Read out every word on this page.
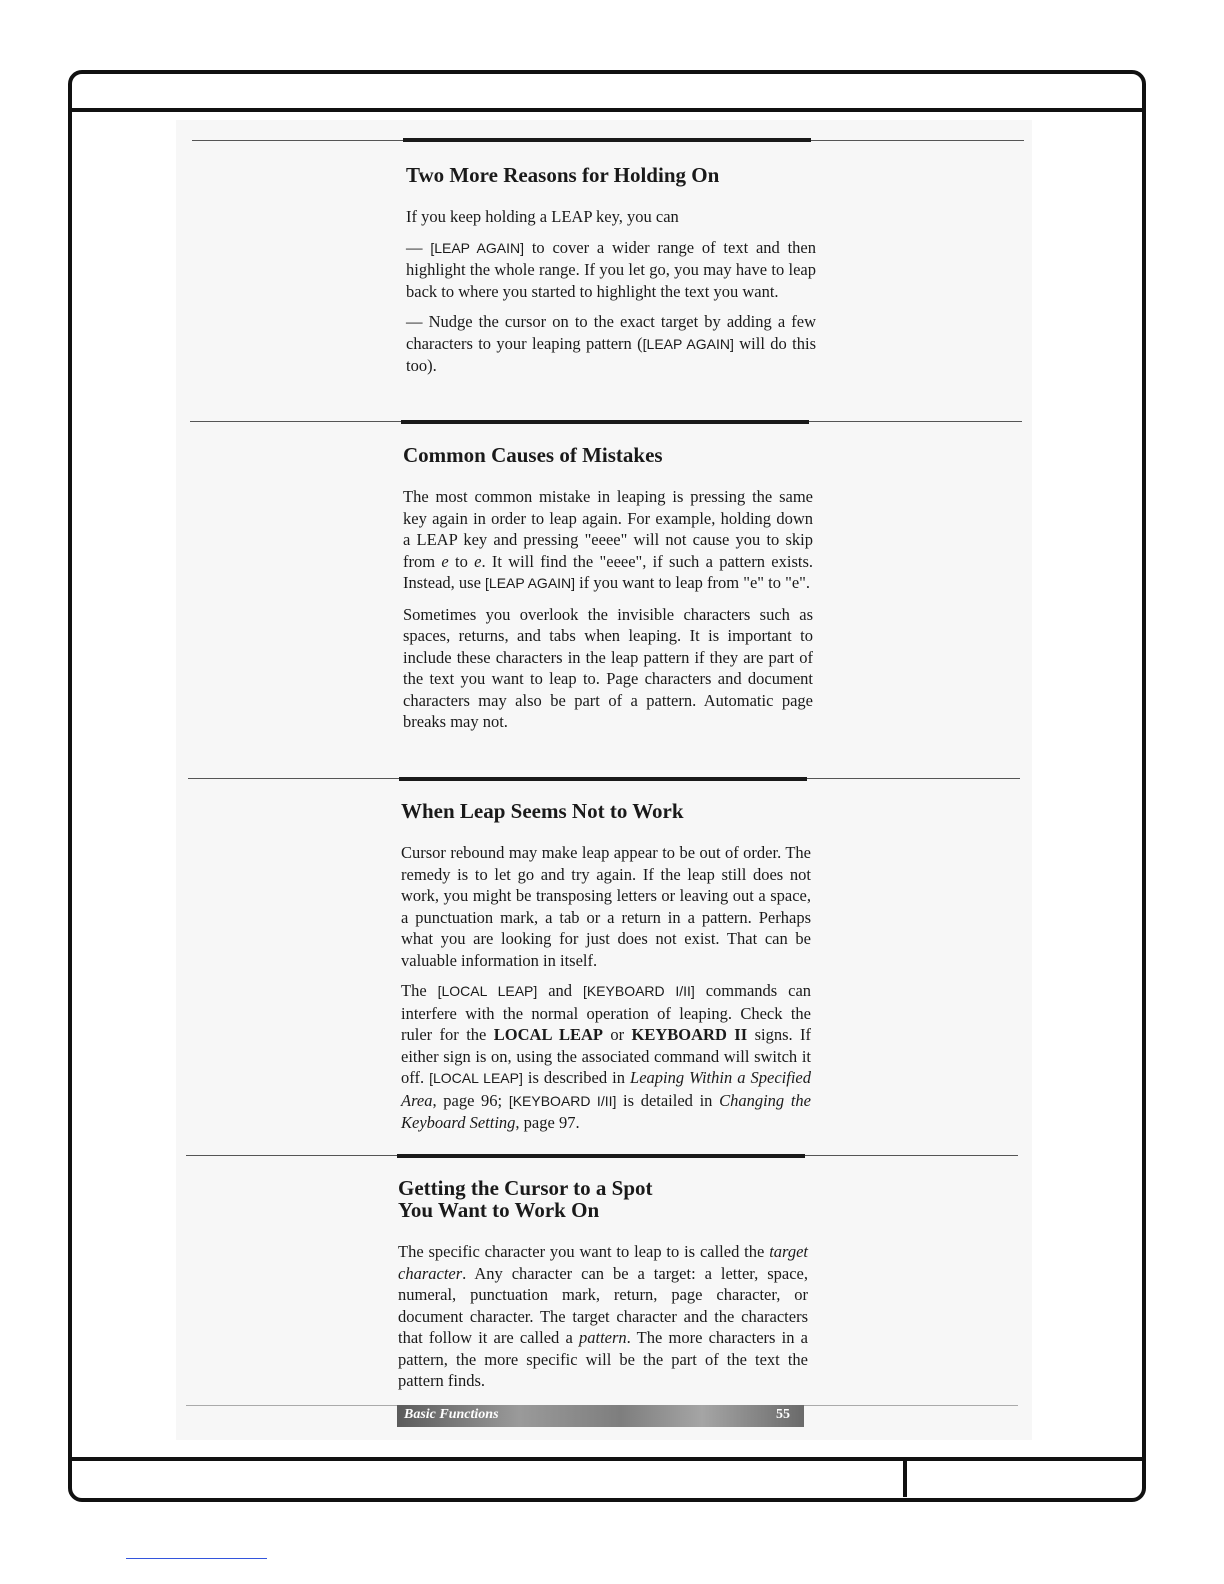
Two More Reasons for Holding On

If you keep holding a LEAP key, you can

— [LEAP AGAIN] to cover a wider range of text and then highlight the whole range. If you let go, you may have to leap back to where you started to highlight the text you want.

— Nudge the cursor on to the exact target by adding a few characters to your leaping pattern ([LEAP AGAIN] will do this too).

Common Causes of Mistakes

The most common mistake in leaping is pressing the same key again in order to leap again. For example, holding down a LEAP key and pressing "eeee" will not cause you to skip from e to e. It will find the "eeee", if such a pattern exists. Instead, use [LEAP AGAIN] if you want to leap from "e" to "e".

Sometimes you overlook the invisible characters such as spaces, returns, and tabs when leaping. It is important to include these characters in the leap pattern if they are part of the text you want to leap to. Page characters and document characters may also be part of a pattern. Automatic page breaks may not.

When Leap Seems Not to Work

Cursor rebound may make leap appear to be out of order. The remedy is to let go and try again. If the leap still does not work, you might be transposing letters or leaving out a space, a punctuation mark, a tab or a return in a pattern. Perhaps what you are looking for just does not exist. That can be valuable information in itself.

The [LOCAL LEAP] and [KEYBOARD I/II] commands can interfere with the normal operation of leaping. Check the ruler for the LOCAL LEAP or KEYBOARD II signs. If either sign is on, using the associated command will switch it off. [LOCAL LEAP] is described in Leaping Within a Specified Area, page 96; [KEYBOARD I/II] is detailed in Changing the Keyboard Setting, page 97.

Getting the Cursor to a Spot
You Want to Work On

The specific character you want to leap to is called the target character. Any character can be a target: a letter, space, numeral, punctuation mark, return, page character, or document character. The target character and the characters that follow it are called a pattern. The more characters in a pattern, the more specific will be the part of the text the pattern finds.

Basic Functions	55
